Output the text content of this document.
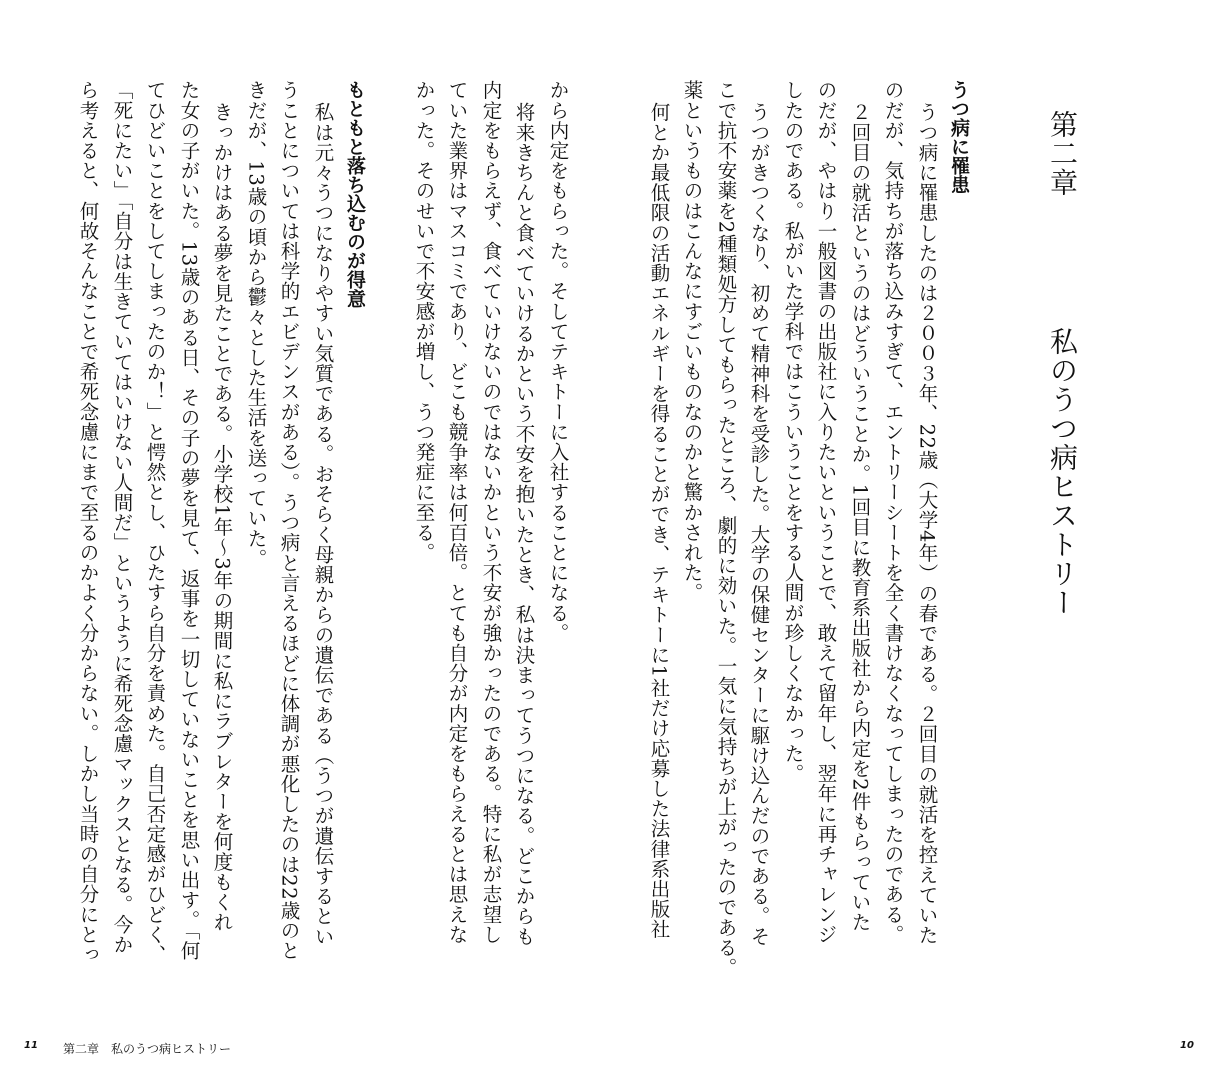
第二章私のうつ病ヒストリー
うつ病に罹患
うつ病に罹患したのは２００３年、22歳（大学4年）の春である。２回目の就活を控えていた
のだが、気持ちが落ち込みすぎて、エントリーシートを全く書けなくなってしまったのである。
２回目の就活というのはどういうことか。1回目に教育系出版社から内定を2件もらっていた
のだが、やはり一般図書の出版社に入りたいということで、敢えて留年し、翌年に再チャレンジ
したのである。私がいた学科ではこういうことをする人間が珍しくなかった。
うつがきつくなり、初めて精神科を受診した。大学の保健センターに駆け込んだのである。そ
こで抗不安薬を2種類処方してもらったところ、劇的に効いた。一気に気持ちが上がったのである。
薬というものはこんなにすごいものなのかと驚かされた。
何とか最低限の活動エネルギーを得ることができ、テキトーに1社だけ応募した法律系出版社
から内定をもらった。そしてテキトーに入社することになる。
将来きちんと食べていけるかという不安を抱いたとき、私は決まってうつになる。どこからも
内定をもらえず、食べていけないのではないかという不安が強かったのである。特に私が志望し
ていた業界はマスコミであり、どこも競争率は何百倍。とても自分が内定をもらえるとは思えな
かった。そのせいで不安感が増し、うつ発症に至る。
もともと落ち込むのが得意
私は元々うつになりやすい気質である。おそらく母親からの遺伝である（うつが遺伝するとい
うことについては科学的エビデンスがある）。うつ病と言えるほどに体調が悪化したのは22歳のと
きだが、13歳の頃から鬱々とした生活を送っていた。
きっかけはある夢を見たことである。小学校1年～3年の期間に私にラブレターを何度もくれ
た女の子がいた。13歳のある日、その子の夢を見て、返事を一切していないことを思い出す。「何
てひどいことをしてしまったのか！」と愕然とし、ひたすら自分を責めた。自己否定感がひどく、
「死にたい」「自分は生きていてはいけない人間だ」というように希死念慮マックスとなる。今か
ら考えると、何故そんなことで希死念慮にまで至るのかよく分からない。しかし当時の自分にとっ
11 第二章　私のうつ病ヒストリー	10
